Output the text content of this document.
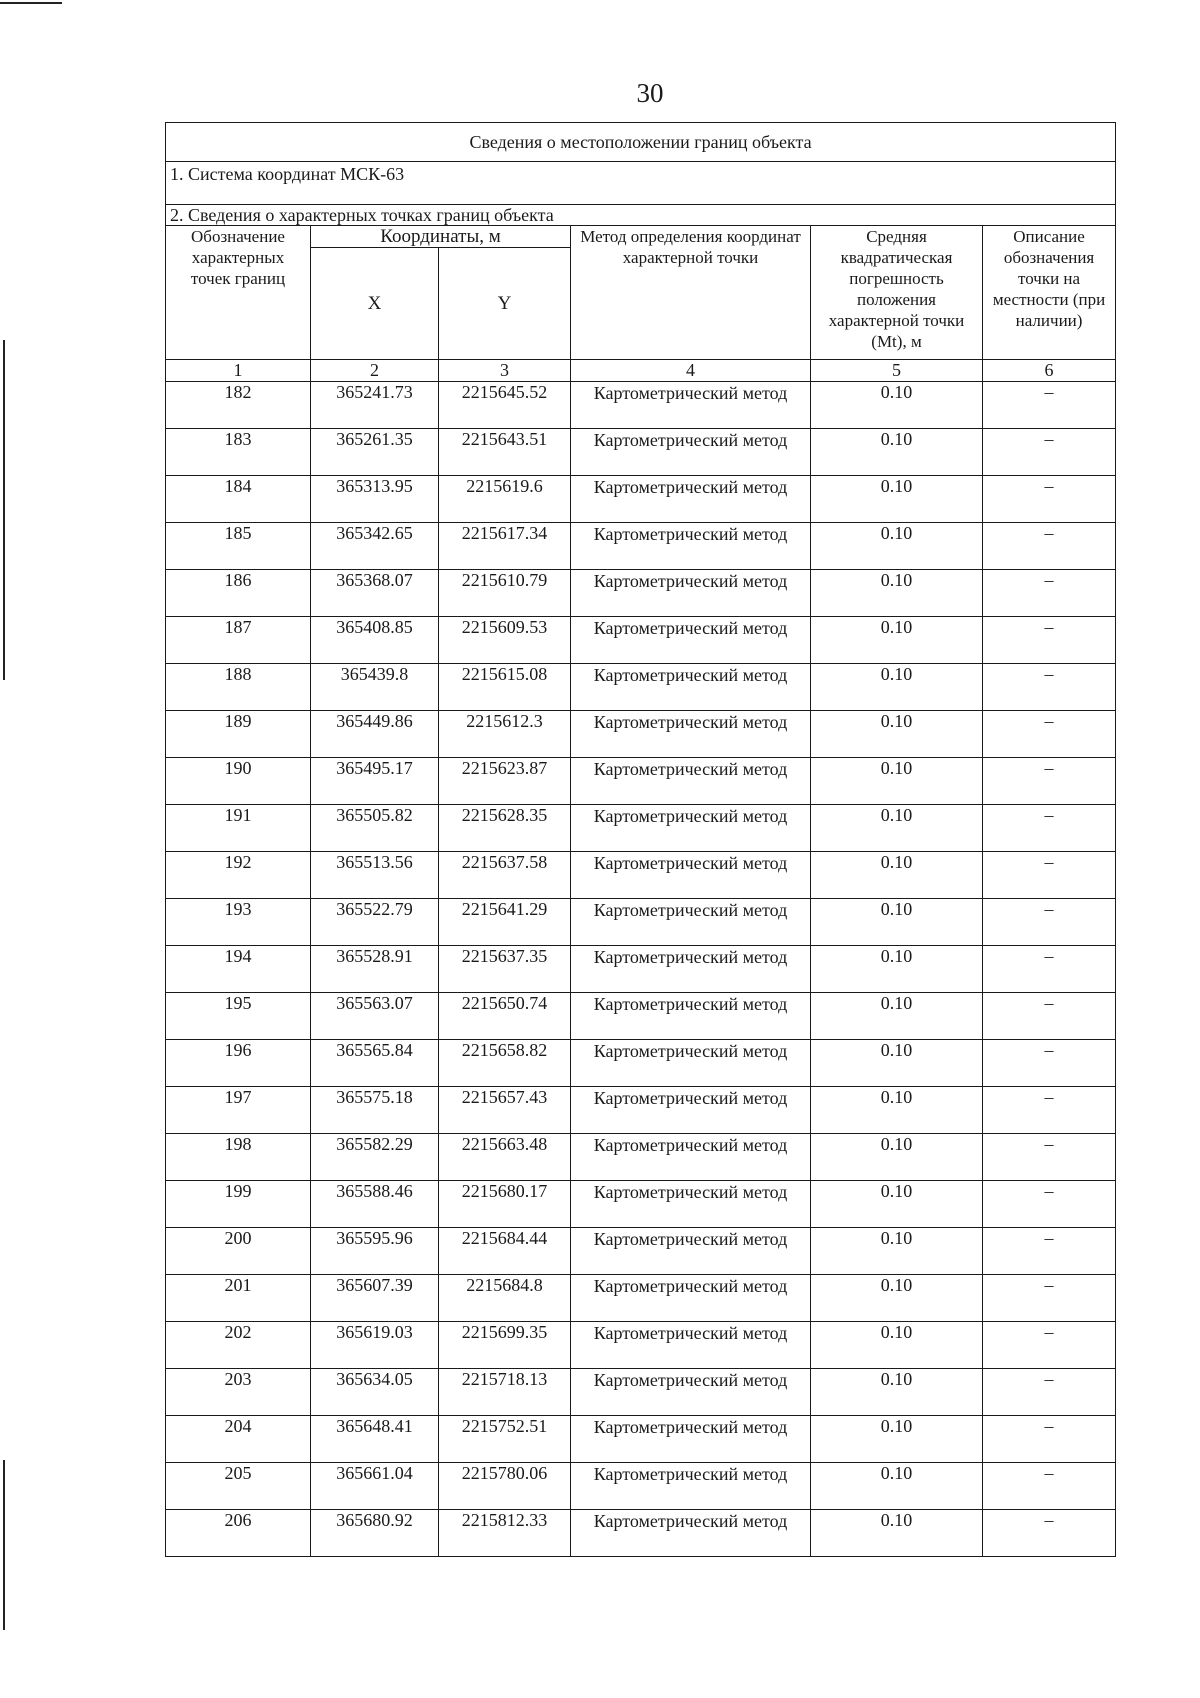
30
Сведения о местоположении границ объекта					
1. Система координат МСК-63					
2. Сведения о характерных точках границ объекта					
Обозначение характерных точек границ	Координаты, м		Метод определения координат характерной точки	Средняя квадратическая погрешность положения характерной точки (Mt), м	Описание обозначения точки на местности (при наличии)
	X	Y			
1	2	3	4	5	6
182	365241.73	2215645.52	Картометрический метод	0.10	–
183	365261.35	2215643.51	Картометрический метод	0.10	–
184	365313.95	2215619.6	Картометрический метод	0.10	–
185	365342.65	2215617.34	Картометрический метод	0.10	–
186	365368.07	2215610.79	Картометрический метод	0.10	–
187	365408.85	2215609.53	Картометрический метод	0.10	–
188	365439.8	2215615.08	Картометрический метод	0.10	–
189	365449.86	2215612.3	Картометрический метод	0.10	–
190	365495.17	2215623.87	Картометрический метод	0.10	–
191	365505.82	2215628.35	Картометрический метод	0.10	–
192	365513.56	2215637.58	Картометрический метод	0.10	–
193	365522.79	2215641.29	Картометрический метод	0.10	–
194	365528.91	2215637.35	Картометрический метод	0.10	–
195	365563.07	2215650.74	Картометрический метод	0.10	–
196	365565.84	2215658.82	Картометрический метод	0.10	–
197	365575.18	2215657.43	Картометрический метод	0.10	–
198	365582.29	2215663.48	Картометрический метод	0.10	–
199	365588.46	2215680.17	Картометрический метод	0.10	–
200	365595.96	2215684.44	Картометрический метод	0.10	–
201	365607.39	2215684.8	Картометрический метод	0.10	–
202	365619.03	2215699.35	Картометрический метод	0.10	–
203	365634.05	2215718.13	Картометрический метод	0.10	–
204	365648.41	2215752.51	Картометрический метод	0.10	–
205	365661.04	2215780.06	Картометрический метод	0.10	–
206	365680.92	2215812.33	Картометрический метод	0.10	–
